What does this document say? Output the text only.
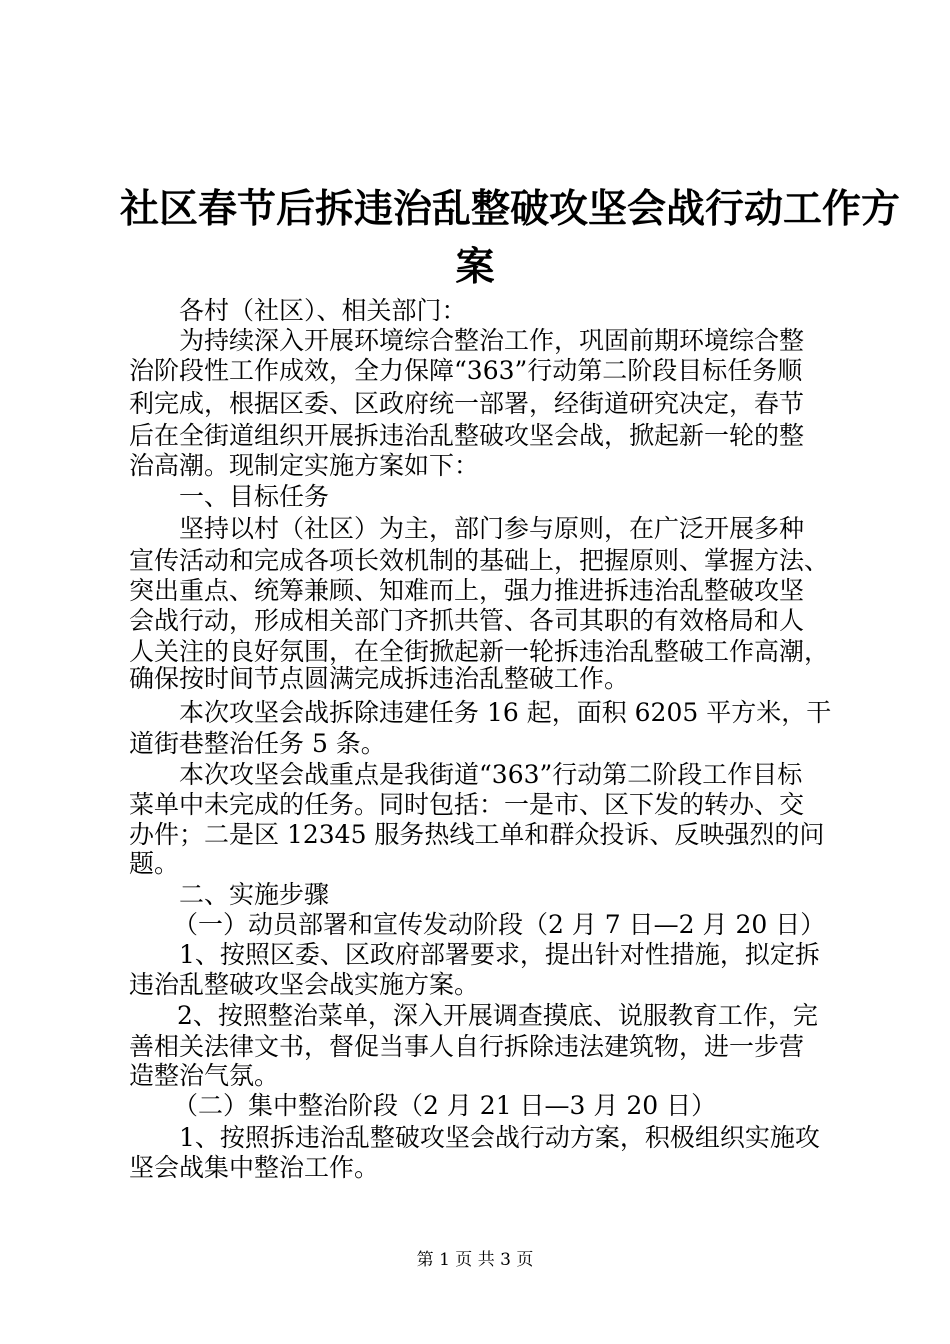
社区春节后拆违治乱整破攻坚会战行动工作方
案
各村（社区）、相关部门：
为持续深入开展环境综合整治工作，巩固前期环境综合整
治阶段性工作成效，全力保障“363”行动第二阶段目标任务顺
利完成，根据区委、区政府统一部署，经街道研究决定，春节
后在全街道组织开展拆违治乱整破攻坚会战，掀起新一轮的整
治高潮。现制定实施方案如下：
一、目标任务
坚持以村（社区）为主，部门参与原则，在广泛开展多种
宣传活动和完成各项长效机制的基础上，把握原则、掌握方法、
突出重点、统筹兼顾、知难而上，强力推进拆违治乱整破攻坚
会战行动，形成相关部门齐抓共管、各司其职的有效格局和人
人关注的良好氛围，在全街掀起新一轮拆违治乱整破工作高潮，
确保按时间节点圆满完成拆违治乱整破工作。
本次攻坚会战拆除违建任务 16 起，面积 6205 平方米，干
道街巷整治任务 5 条。
本次攻坚会战重点是我街道“363”行动第二阶段工作目标
菜单中未完成的任务。同时包括：一是市、区下发的转办、交
办件；二是区 12345 服务热线工单和群众投诉、反映强烈的问
题。
二、实施步骤
（一）动员部署和宣传发动阶段（2 月 7 日—2 月 20 日）
1、按照区委、区政府部署要求，提出针对性措施，拟定拆
违治乱整破攻坚会战实施方案。
2、按照整治菜单，深入开展调查摸底、说服教育工作，完
善相关法律文书，督促当事人自行拆除违法建筑物，进一步营
造整治气氛。
（二）集中整治阶段（2 月 21 日—3 月 20 日）
1、按照拆违治乱整破攻坚会战行动方案，积极组织实施攻
坚会战集中整治工作。
第 1 页 共 3 页
